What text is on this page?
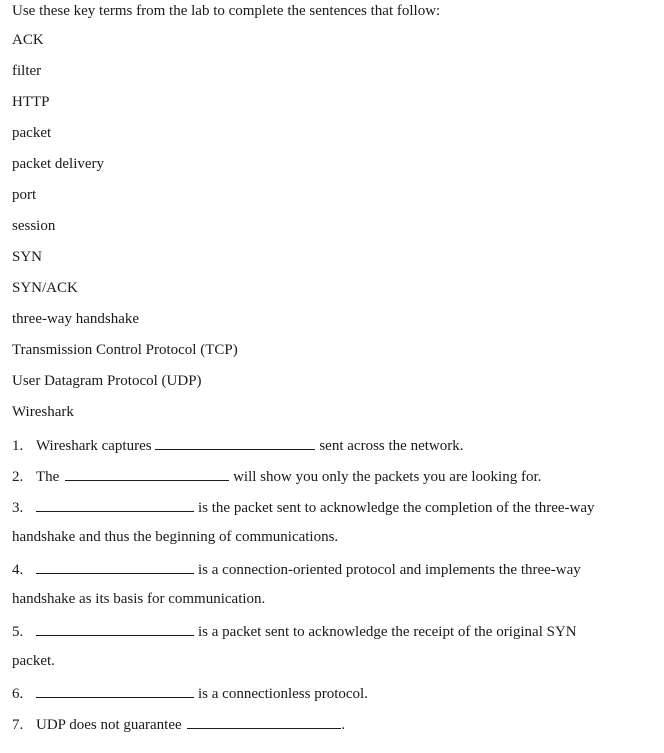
Use these key terms from the lab to complete the sentences that follow:
ACK
filter
HTTP
packet
packet delivery
port
session
SYN
SYN/ACK
three-way handshake
Transmission Control Protocol (TCP)
User Datagram Protocol (UDP)
Wireshark
1. Wireshark captures	sent across the network.
2. The	will show you only the packets you are looking for.
3.	is the packet sent to acknowledge the completion of the three-way
handshake and thus the beginning of communications.
4.	is a connection-oriented protocol and implements the three-way
handshake as its basis for communication.
5.	is a packet sent to acknowledge the receipt of the original SYN
packet.
6.	is a connectionless protocol.
7. UDP does not guarantee	.
